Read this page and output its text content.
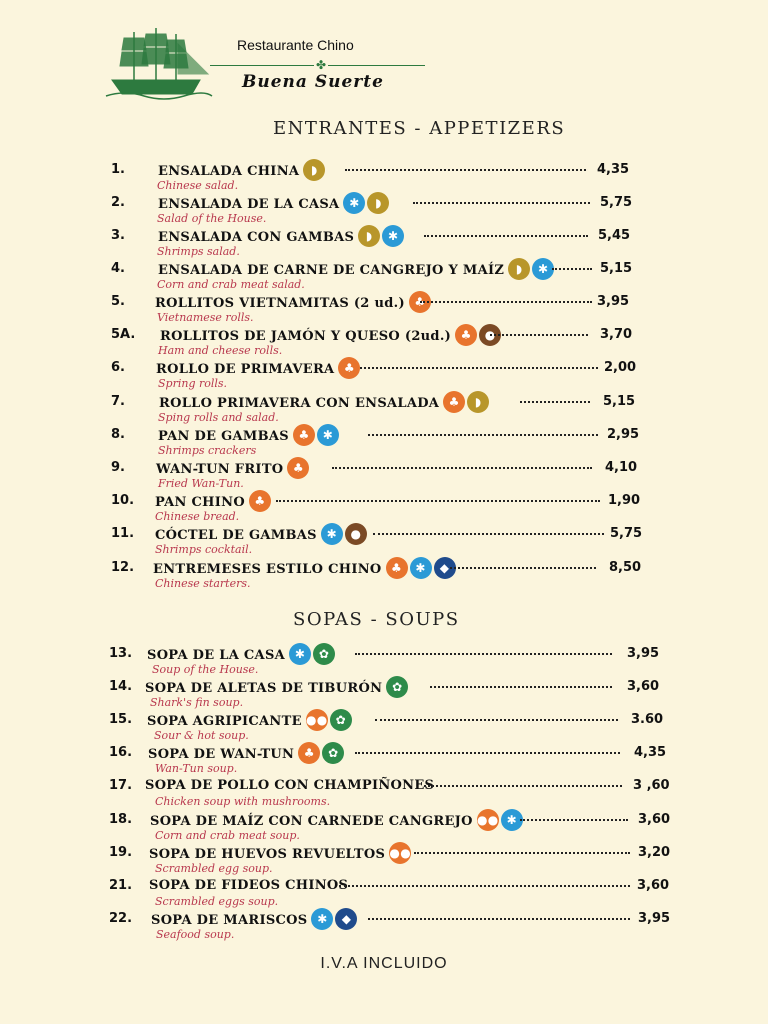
Restaurante Chino
✤
Buena Suerte
ENTRANTES - APPETIZERS
1.	ENSALADA CHINA ◗	4,35
Chinese salad.
2.	ENSALADA DE LA CASA ✱	◗	5,75
Salad of the House.
3.	ENSALADA CON GAMBAS ◗	✱	5,45
Shrimps salad.
4.	ENSALADA DE CARNE DE CANGREJO Y MAÍZ ◗	✱	5,15
Corn and crab meat salad.
5. ROLLITOS VIETNAMITAS (2 ud.) ♣	3,95
Vietnamese rolls.
5A. ROLLITOS DE JAMÓN Y QUESO (2ud.) ♣	●	3,70
Ham and cheese rolls.
6. ROLLO DE PRIMAVERA ♣	2,00
Spring rolls.
7.	ROLLO PRIMAVERA CON ENSALADA ♣	◗	5,15
Sping rolls and salad.
8.	PAN DE GAMBAS ♣	✱	2,95
Shrimps crackers
9. WAN-TUN FRITO ♣	4,10
Fried Wan-Tun.
10. PAN CHINO ♣	1,90
Chinese bread.
11. CÓCTEL DE GAMBAS ✱	●	5,75
Shrimps cocktail.
12. ENTREMESES ESTILO CHINO ♣	✱	◆	8,50
Chinese starters.
SOPAS - SOUPS
13. SOPA DE LA CASA ✱	✿	3,95
Soup of the House.
14. SOPA DE ALETAS DE TIBURÓN ✿	3,60
Shark's fin soup.
15. SOPA AGRIPICANTE ●● ✿	3.60
Sour & hot soup.
16. SOPA DE WAN-TUN ♣	✿	4,35
Wan-Tun soup.
17. SOPA DE POLLO CON CHAMPIÑONES	3 ,60
Chicken soup with mushrooms.
18. SOPA DE MAÍZ CON CARNEDE CANGREJO ●● ✱	3,60
Corn and crab meat soup.
19. SOPA DE HUEVOS REVUELTOS ●●	3,20
Scrambled egg soup.
21. SOPA DE FIDEOS CHINOS	3,60
Scrambled eggs soup.
22. SOPA DE MARISCOS ✱	◆	3,95
Seafood soup.
I.V.A INCLUIDO
